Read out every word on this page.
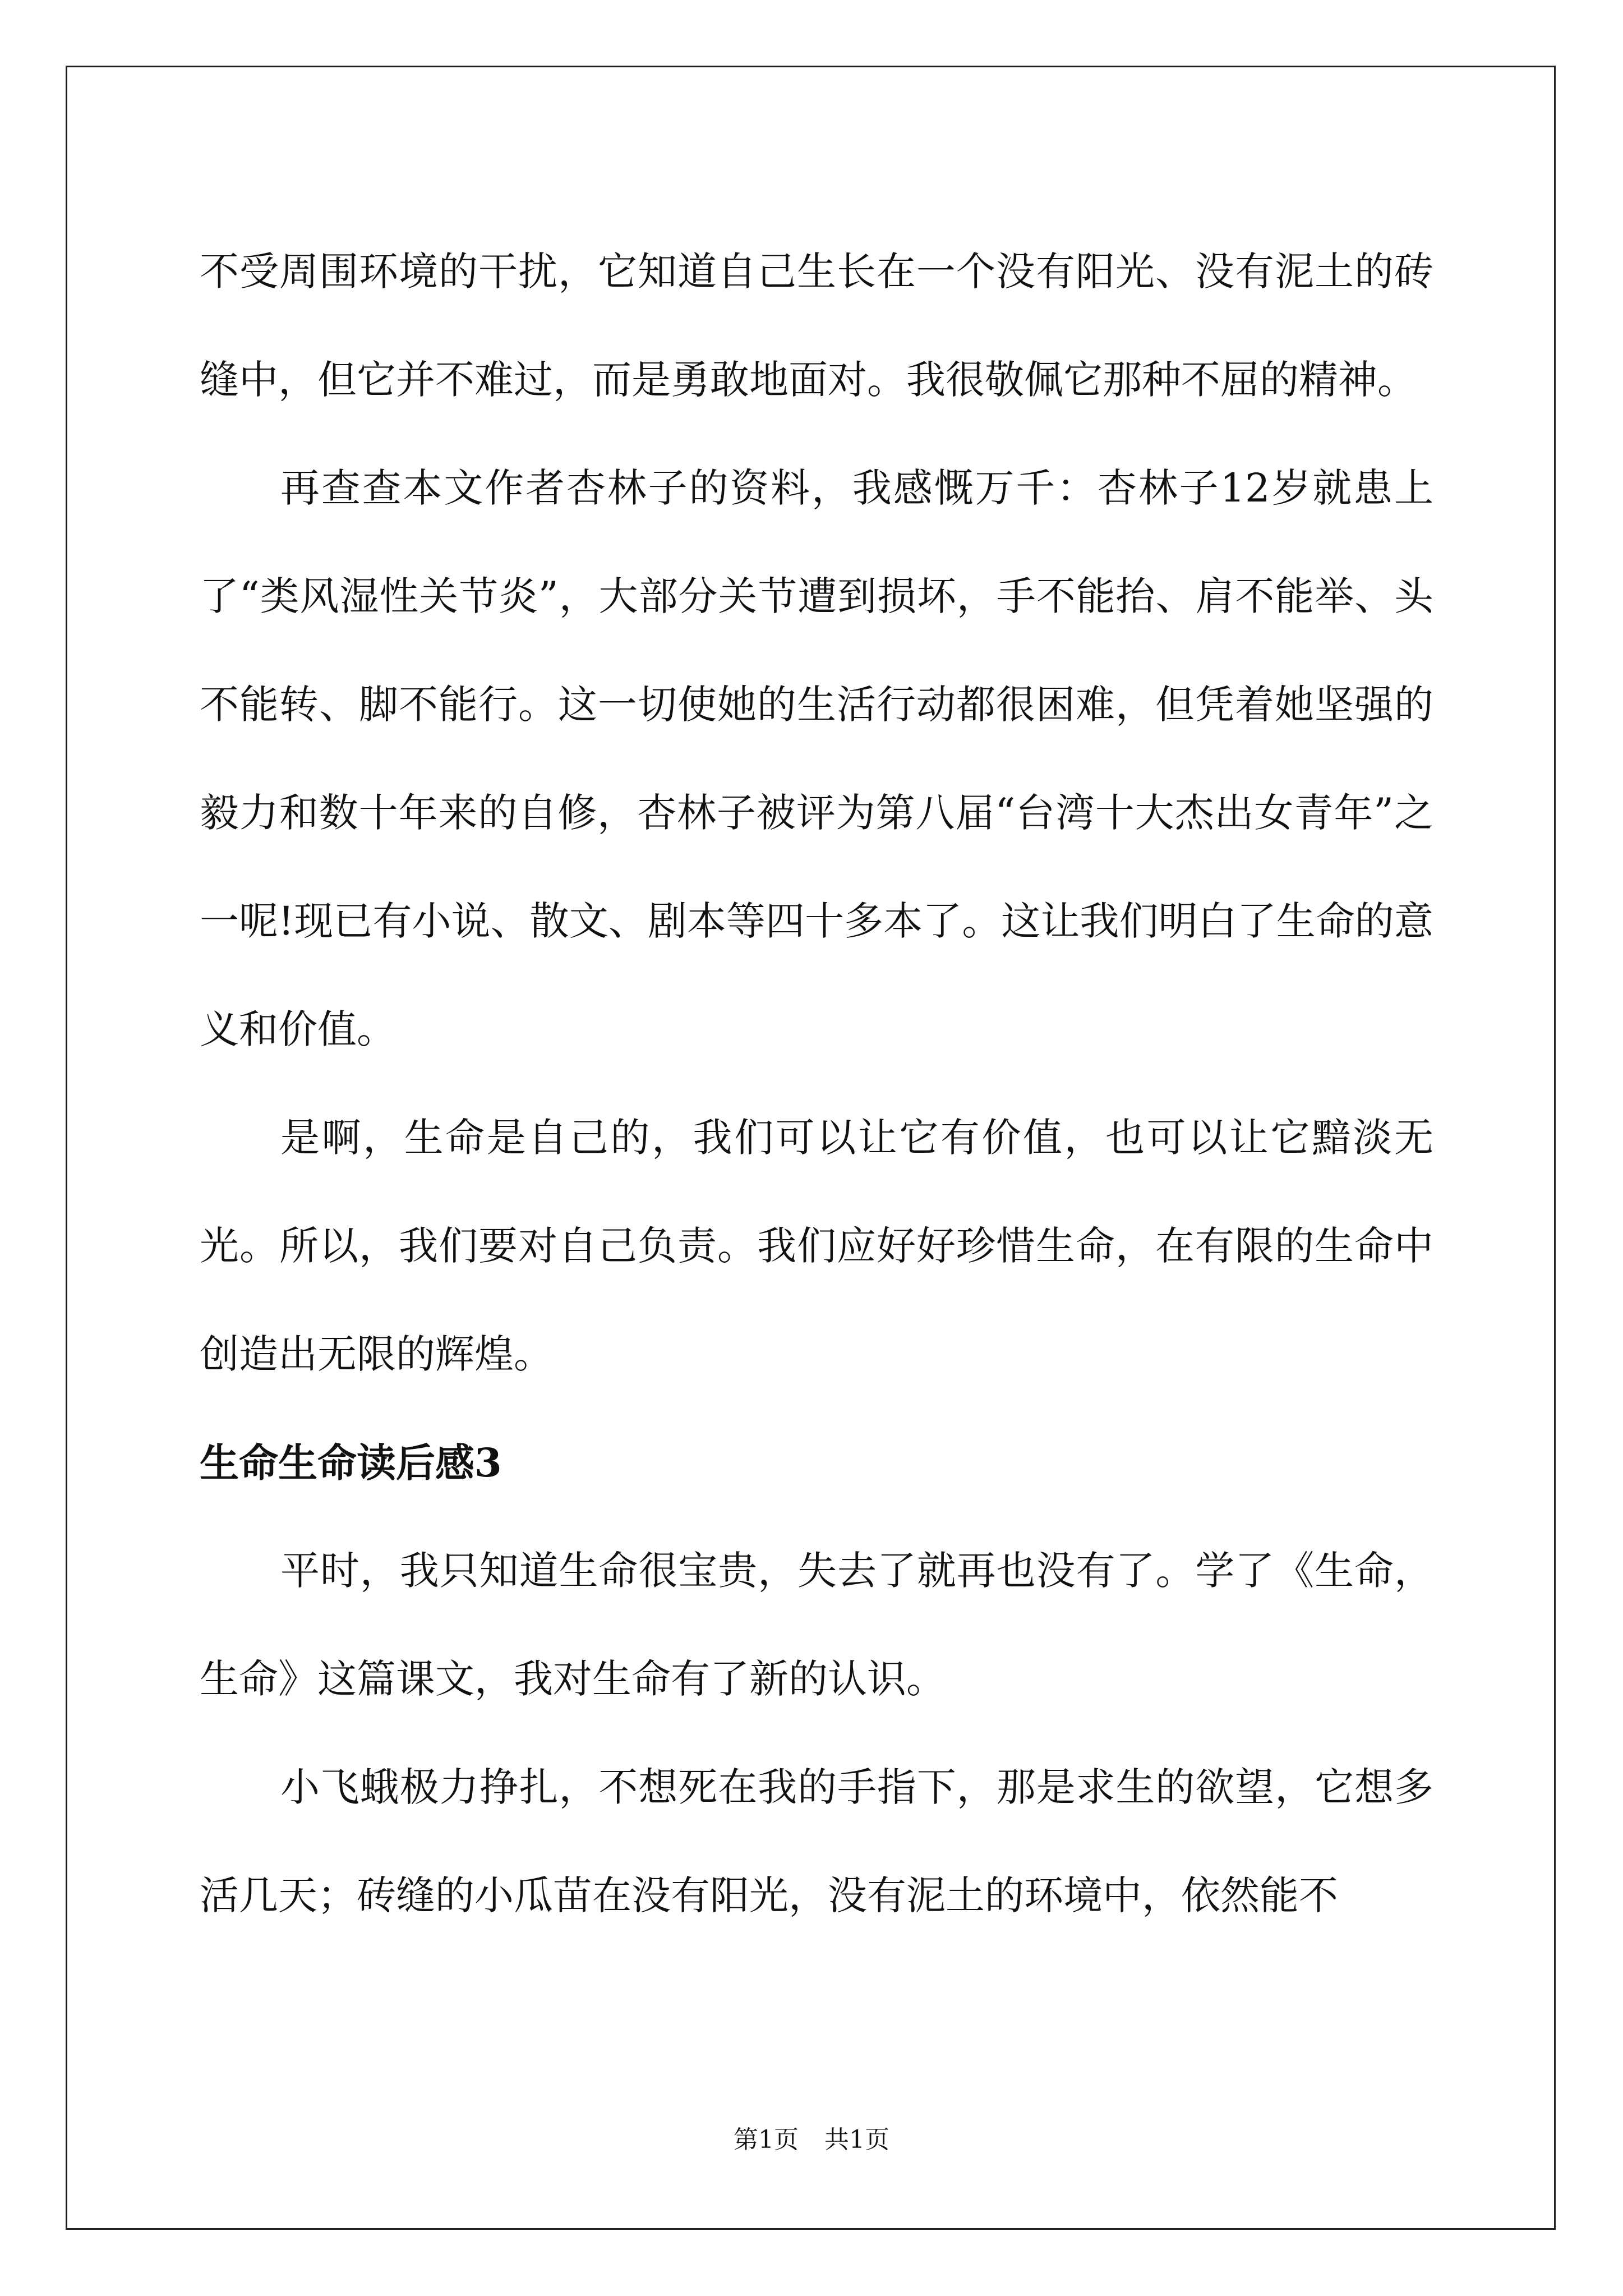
不受周围环境的干扰，它知道自己生长在一个没有阳光、没有泥土的砖缝中，但它并不难过，而是勇敢地面对。我很敬佩它那种不屈的精神。

再查查本文作者杏林子的资料，我感慨万千：杏林子12岁就患上了“类风湿性关节炎”，大部分关节遭到损坏，手不能抬、肩不能举、头不能转、脚不能行。这一切使她的生活行动都很困难，但凭着她坚强的毅力和数十年来的自修，杏林子被评为第八届“台湾十大杰出女青年”之一呢!现已有小说、散文、剧本等四十多本了。这让我们明白了生命的意义和价值。

是啊，生命是自己的，我们可以让它有价值，也可以让它黯淡无光。所以，我们要对自己负责。我们应好好珍惜生命，在有限的生命中创造出无限的辉煌。

生命生命读后感3

平时，我只知道生命很宝贵，失去了就再也没有了。学了《生命，生命》这篇课文，我对生命有了新的认识。

小飞蛾极力挣扎，不想死在我的手指下，那是求生的欲望，它想多活几天；砖缝的小瓜苗在没有阳光，没有泥土的环境中，依然能不

第1页 共1页
